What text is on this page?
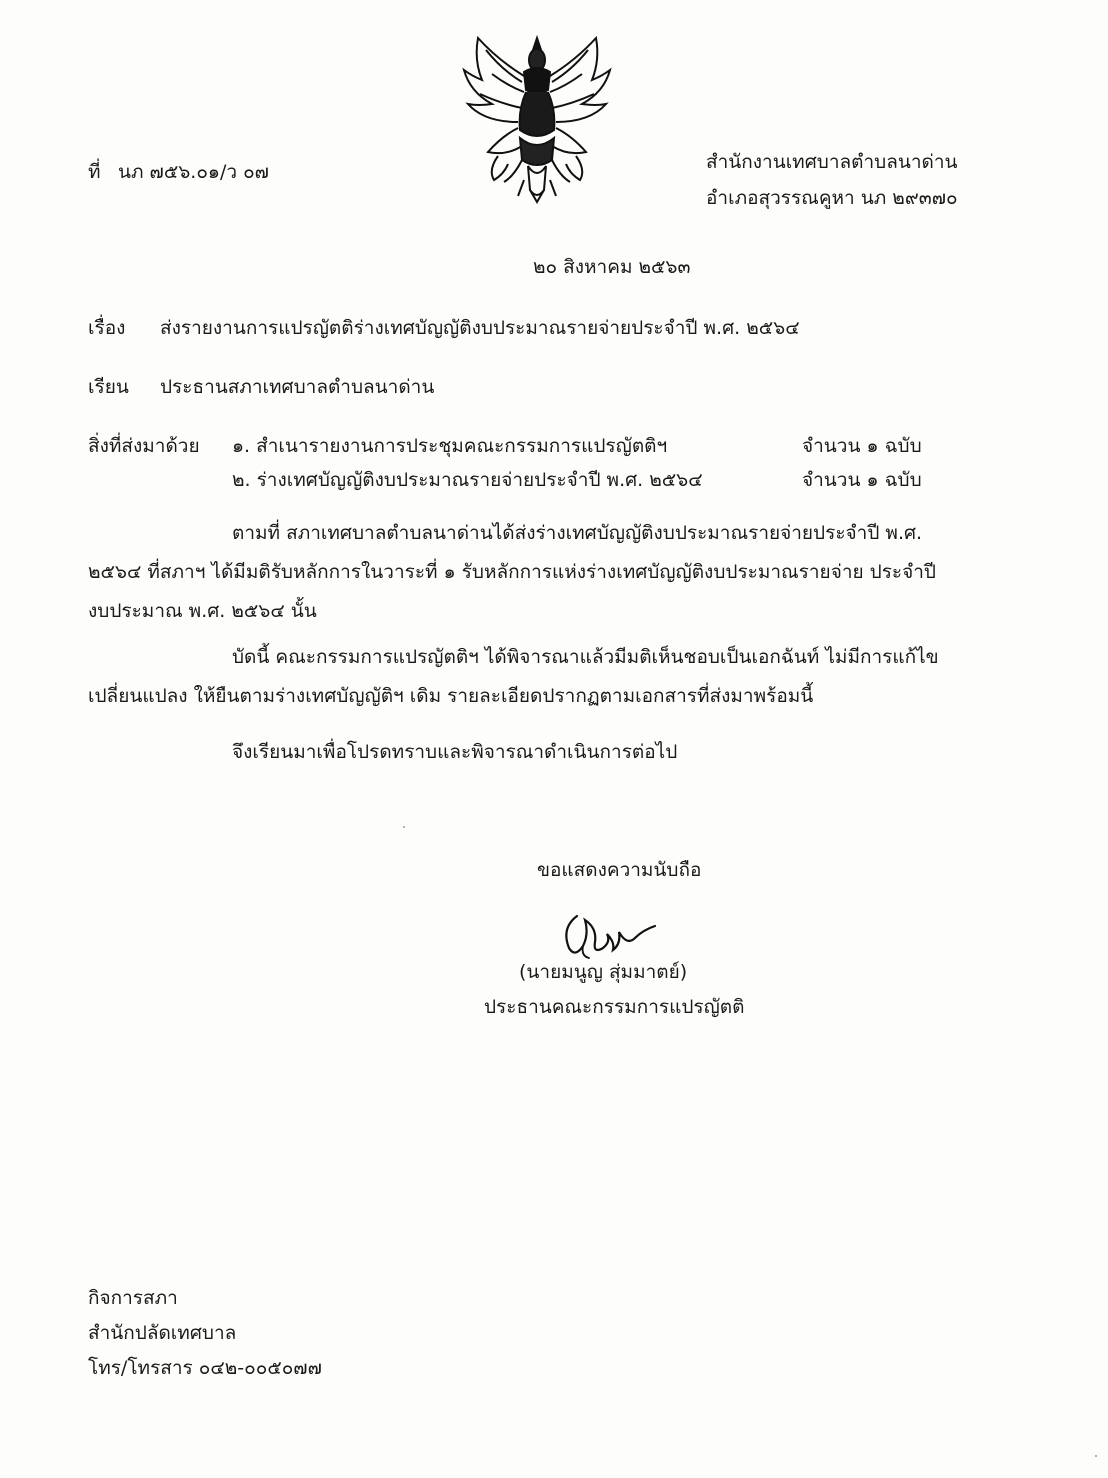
ที่ นภ ๗๕๖.๐๑/ว ๐๗	สำนักงานเทศบาลตำบลนาด่าน
อำเภอสุวรรณคูหา นภ ๒๙๓๗๐
๒๐ สิงหาคม ๒๕๖๓
เรื่อง ส่งรายงานการแปรญัตติร่างเทศบัญญัติงบประมาณรายจ่ายประจำปี พ.ศ. ๒๕๖๔
เรียน ประธานสภาเทศบาลตำบลนาด่าน
สิ่งที่ส่งมาด้วย ๑. สำเนารายงานการประชุมคณะกรรมการแปรญัตติฯ	จำนวน ๑ ฉบับ
๒. ร่างเทศบัญญัติงบประมาณรายจ่ายประจำปี พ.ศ. ๒๕๖๔	จำนวน ๑ ฉบับ
ตามที่ สภาเทศบาลตำบลนาด่านได้ส่งร่างเทศบัญญัติงบประมาณรายจ่ายประจำปี พ.ศ.
๒๕๖๔ ที่สภาฯ ได้มีมติรับหลักการในวาระที่ ๑ รับหลักการแห่งร่างเทศบัญญัติงบประมาณรายจ่าย ประจำปี
งบประมาณ พ.ศ. ๒๕๖๔ นั้น
บัดนี้ คณะกรรมการแปรญัตติฯ ได้พิจารณาแล้วมีมติเห็นชอบเป็นเอกฉันท์ ไม่มีการแก้ไข
เปลี่ยนแปลง ให้ยืนตามร่างเทศบัญญัติฯ เดิม รายละเอียดปรากฏตามเอกสารที่ส่งมาพร้อมนี้
จึงเรียนมาเพื่อโปรดทราบและพิจารณาดำเนินการต่อไป
ขอแสดงความนับถือ
(นายมนูญ สุ่มมาตย์)
ประธานคณะกรรมการแปรญัตติ
กิจการสภา
สำนักปลัดเทศบาล
โทร/โทรสาร ๐๔๒-๐๐๕๐๗๗
